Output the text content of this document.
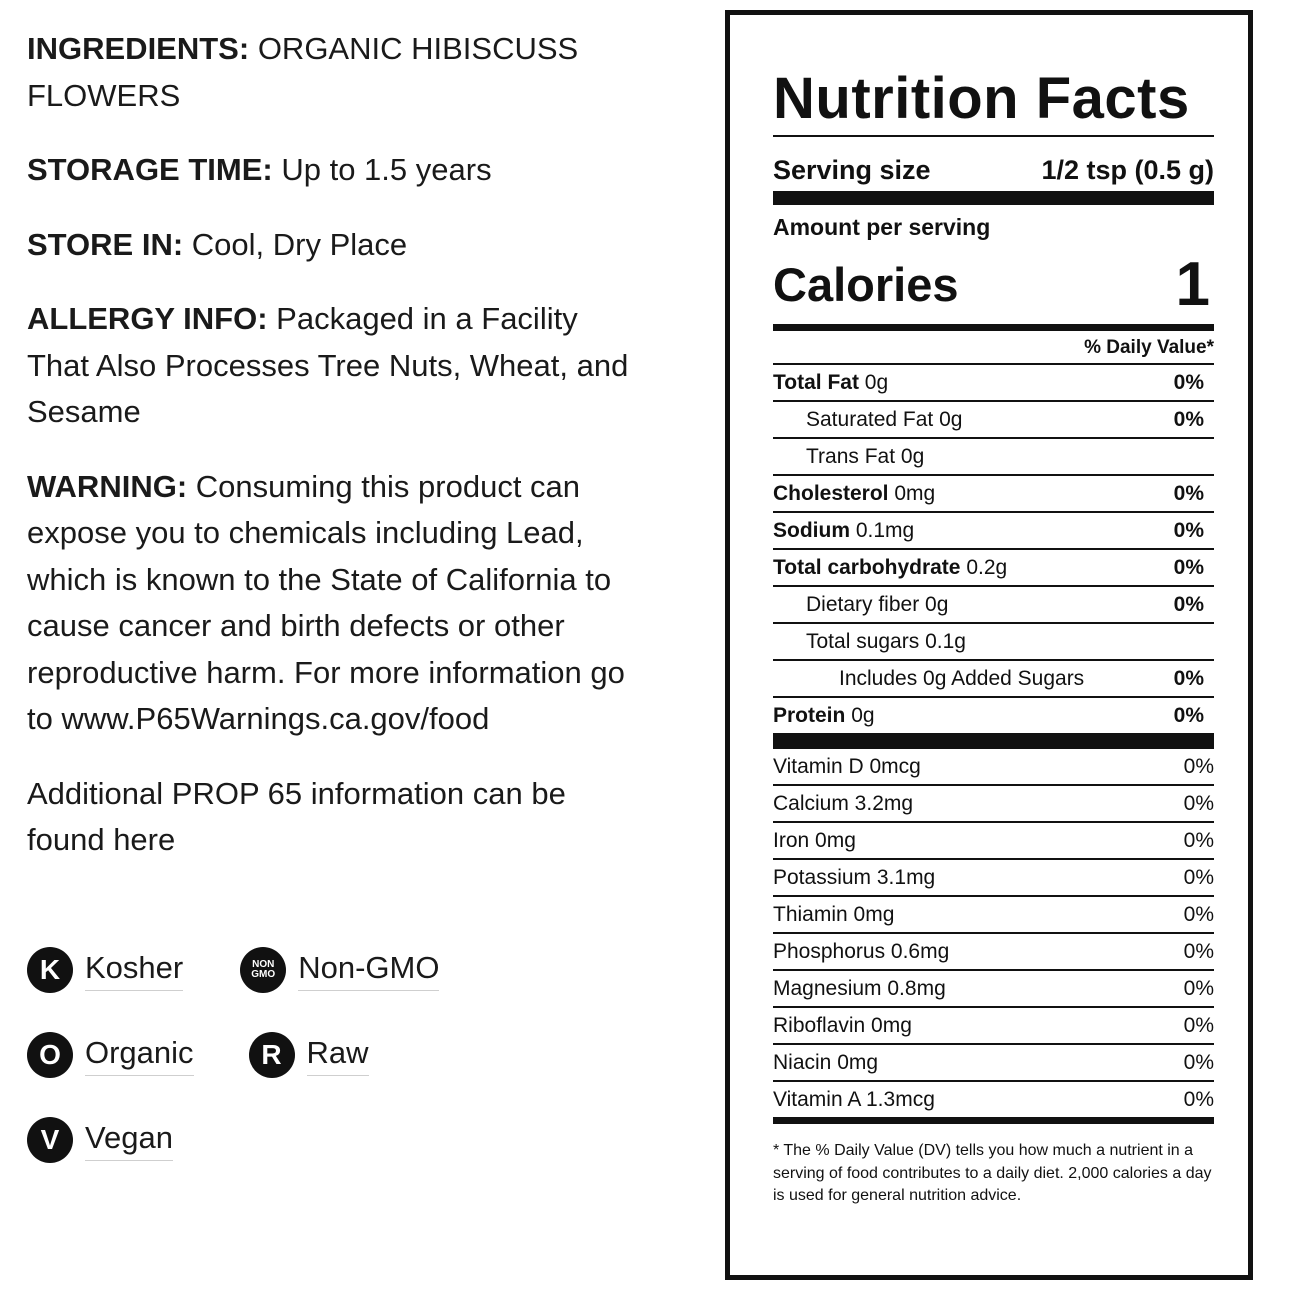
INGREDIENTS: ORGANIC HIBISCUSS FLOWERS

STORAGE TIME: Up to 1.5 years

STORE IN: Cool, Dry Place

ALLERGY INFO: Packaged in a Facility That Also Processes Tree Nuts, Wheat, and Sesame

WARNING: Consuming this product can expose you to chemicals including Lead, which is known to the State of California to cause cancer and birth defects or other reproductive harm. For more information go to www.P65Warnings.ca.gov/food

Additional PROP 65 information can be found here

K Kosher	NON
GMO Non-GMO
O Organic	R Raw
V Vegan
Nutrition Facts
Serving size	1/2 tsp (0.5 g)
Amount per serving
Calories	1
% Daily Value*
Total Fat 0g	0%
Saturated Fat 0g	0%
Trans Fat 0g
Cholesterol 0mg	0%
Sodium 0.1mg	0%
Total carbohydrate 0.2g	0%
Dietary fiber 0g	0%
Total sugars 0.1g
Includes 0g Added Sugars	0%
Protein 0g	0%
Vitamin D 0mcg	0%
Calcium 3.2mg	0%
Iron 0mg	0%
Potassium 3.1mg	0%
Thiamin 0mg	0%
Phosphorus 0.6mg	0%
Magnesium 0.8mg	0%
Riboflavin 0mg	0%
Niacin 0mg	0%
Vitamin A 1.3mcg	0%
* The % Daily Value (DV) tells you how much a nutrient in a serving of food contributes to a daily diet. 2,000 calories a day is used for general nutrition advice.
